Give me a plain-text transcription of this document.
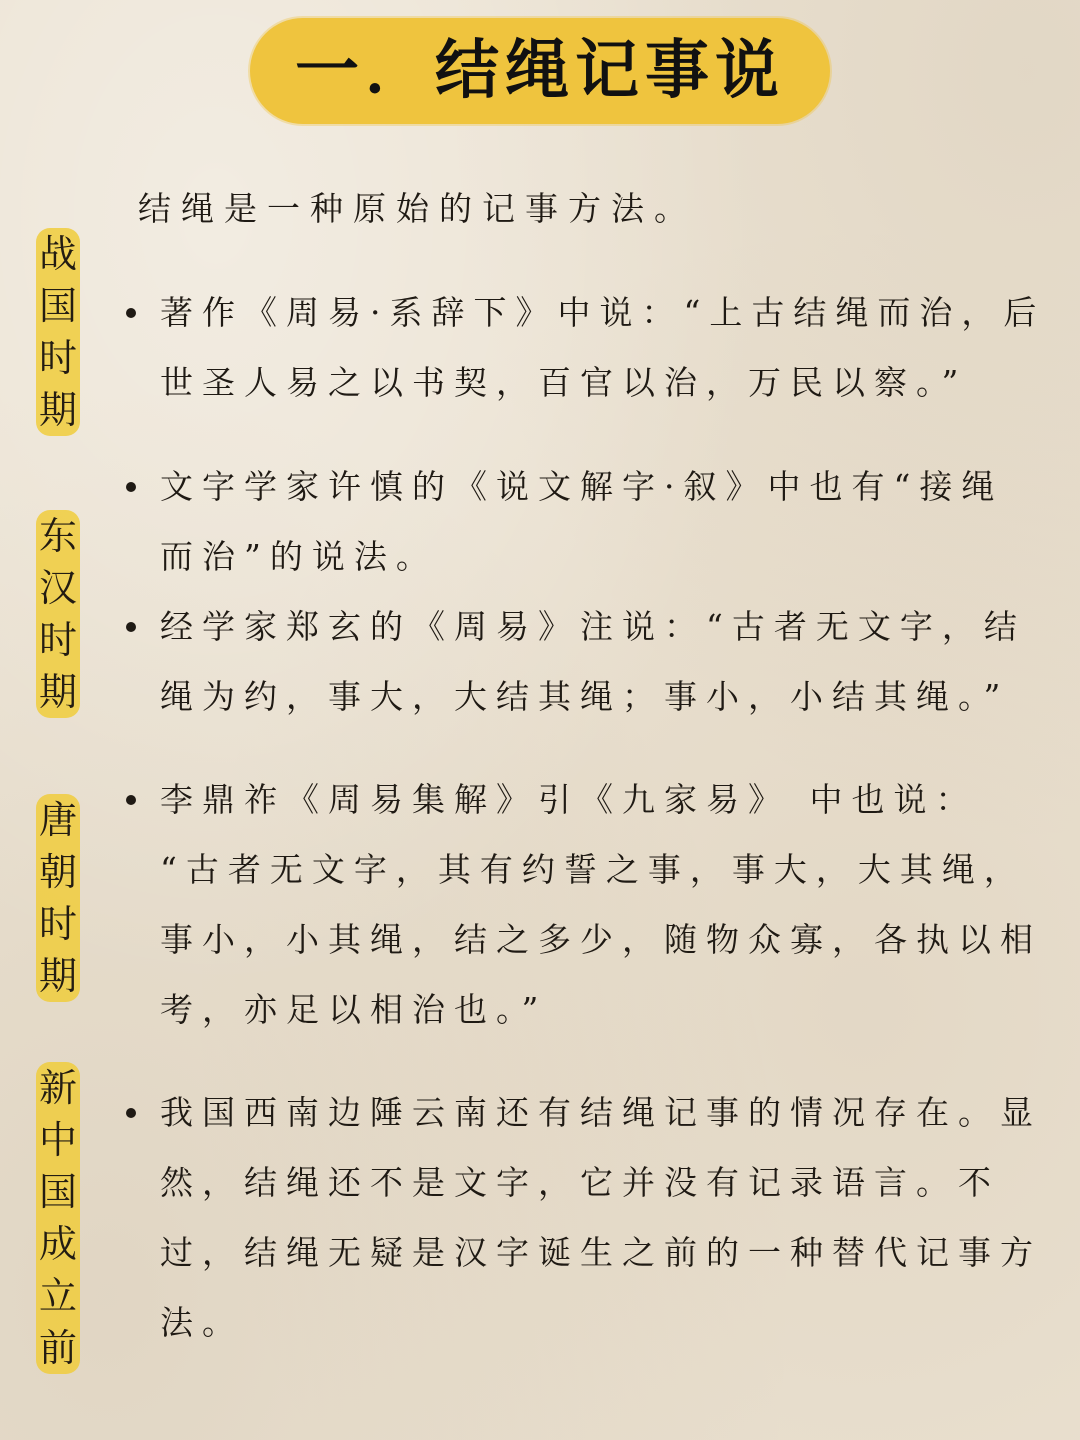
一．结绳记事说
结绳是一种原始的记事方法。
战
国
时
期
东
汉
时
期
唐
朝
时
期
新
中
国
成
立
前
著作《周易·系辞下》中说：“上古结绳而治，后
世圣人易之以书契，百官以治，万民以察。”
文字学家许慎的《说文解字·叙》中也有“接绳
而治”的说法。
经学家郑玄的《周易》注说：“古者无文字，结
绳为约，事大，大结其绳；事小，小结其绳。”
李鼎祚《周易集解》引《九家易》 中也说：
“古者无文字，其有约誓之事，事大，大其绳，
事小，小其绳，结之多少，随物众寡，各执以相
考，亦足以相治也。”
我国西南边陲云南还有结绳记事的情况存在。显
然，结绳还不是文字，它并没有记录语言。不
过，结绳无疑是汉字诞生之前的一种替代记事方
法。
